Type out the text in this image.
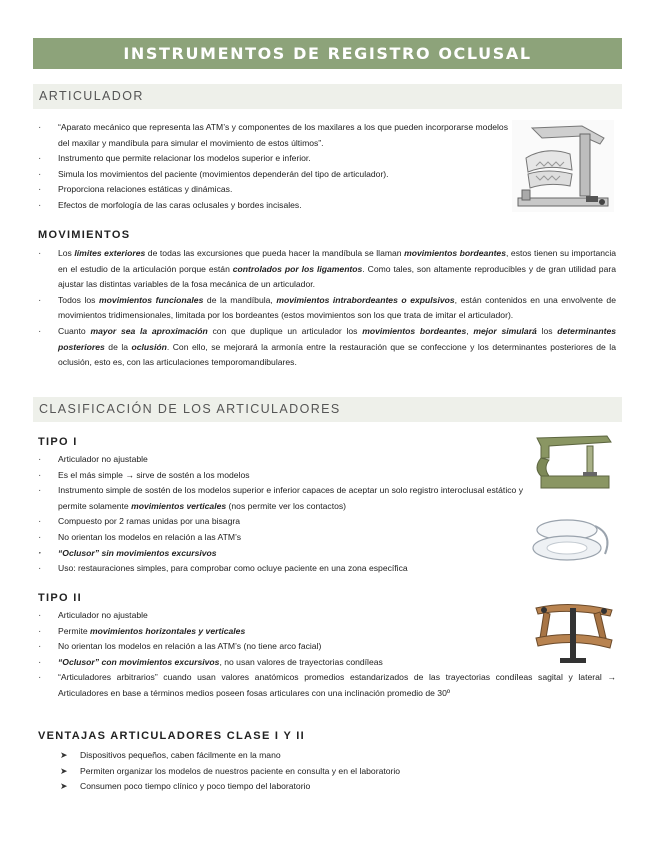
INSTRUMENTOS DE REGISTRO OCLUSAL
ARTICULADOR
· “Aparato mecánico que representa las ATM’s y componentes de los maxilares a los que pueden incorporarse modelos del maxilar y mandíbula para simular el movimiento de estos últimos”.
· Instrumento que permite relacionar los modelos superior e inferior.
· Simula los movimientos del paciente (movimientos dependerán del tipo de articulador).
· Proporciona relaciones estáticas y dinámicas.
· Efectos de morfología de las caras oclusales y bordes incisales.
MOVIMIENTOS
· Los límites exteriores de todas las excursiones que pueda hacer la mandíbula se llaman movimientos bordeantes, estos tienen su importancia en el estudio de la articulación porque están controlados por los ligamentos. Como tales, son altamente reproducibles y de gran utilidad para ajustar las distintas variables de la fosa mecánica de un articulador.
· Todos los movimientos funcionales de la mandíbula, movimientos intrabordeantes o expulsivos, están contenidos en una envolvente de movimientos tridimensionales, limitada por los bordeantes (estos movimientos son los que trata de imitar el articulador).
· Cuanto mayor sea la aproximación con que duplique un articulador los movimientos bordeantes, mejor simulará los determinantes posteriores de la oclusión. Con ello, se mejorará la armonía entre la restauración que se confeccione y los determinantes posteriores de la oclusión, esto es, con las articulaciones temporomandibulares.
CLASIFICACIÓN DE LOS ARTICULADORES
TIPO I
· Articulador no ajustable
· Es el más simple → sirve de sostén a los modelos
· Instrumento simple de sostén de los modelos superior e inferior capaces de aceptar un solo registro interoclusal estático y permite solamente movimientos verticales (nos permite ver los contactos)
· Compuesto por 2 ramas unidas por una bisagra
· No orientan los modelos en relación a las ATM’s
· “Oclusor” sin movimientos excursivos
· Uso: restauraciones simples, para comprobar como ocluye paciente en una zona específica
TIPO II
· Articulador no ajustable
· Permite movimientos horizontales y verticales
· No orientan los modelos en relación a las ATM’s (no tiene arco facial)
· “Oclusor” con movimientos excursivos, no usan valores de trayectorias condíleas
· “Articuladores arbitrarios” cuando usan valores anatómicos promedios estandarizados de las trayectorias condíleas sagital y lateral → Articuladores en base a términos medios poseen fosas articulares con una inclinación promedio de 30º
VENTAJAS ARTICULADORES CLASE I Y II
➤ Dispositivos pequeños, caben fácilmente en la mano
➤ Permiten organizar los modelos de nuestros paciente en consulta y en el laboratorio
➤ Consumen poco tiempo clínico y poco tiempo del laboratorio
